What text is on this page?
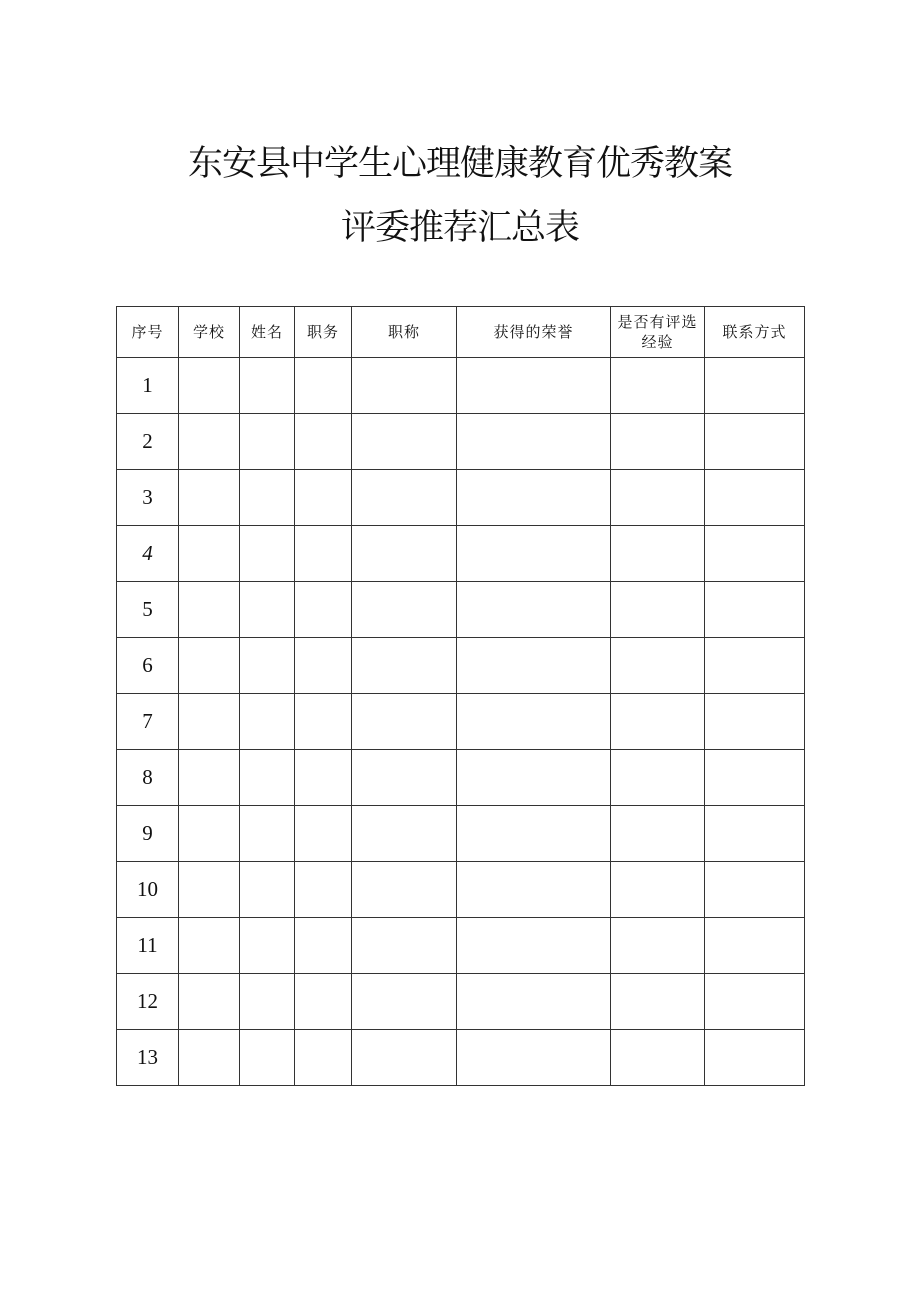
东安县中学生心理健康教育优秀教案
评委推荐汇总表
序号	学校	姓名	职务	职称	获得的荣誉	是否有评选经验	联系方式
1							
2							
3							
4							
5							
6							
7							
8							
9							
10							
11							
12							
13							
